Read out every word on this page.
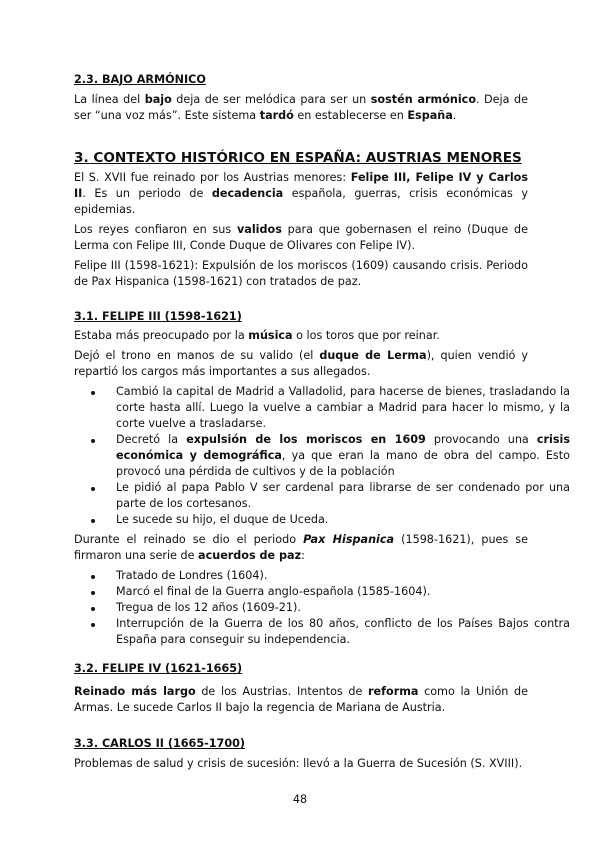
2.3. BAJO ARMÓNICO

La línea del bajo deja de ser melódica para ser un sostén armónico. Deja de ser “una voz más”. Este sistema tardó en establecerse en España.

3. CONTEXTO HISTÓRICO EN ESPAÑA: AUSTRIAS MENORES

El S. XVII fue reinado por los Austrias menores: Felipe III, Felipe IV y Carlos II. Es un periodo de decadencia española, guerras, crisis económicas y epidemias.

Los reyes confiaron en sus validos para que gobernasen el reino (Duque de Lerma con Felipe III, Conde Duque de Olivares con Felipe IV).

Felipe III (1598-1621): Expulsión de los moriscos (1609) causando crisis. Periodo de Pax Hispanica (1598-1621) con tratados de paz.

3.1. FELIPE III (1598-1621)

Estaba más preocupado por la música o los toros que por reinar.

Dejó el trono en manos de su valido (el duque de Lerma), quien vendió y repartió los cargos más importantes a sus allegados.

Cambió la capital de Madrid a Valladolid, para hacerse de bienes, trasladando la corte hasta allí. Luego la vuelve a cambiar a Madrid para hacer lo mismo, y la corte vuelve a trasladarse.
Decretó la expulsión de los moriscos en 1609 provocando una crisis económica y demográfica, ya que eran la mano de obra del campo. Esto provocó una pérdida de cultivos y de la población
Le pidió al papa Pablo V ser cardenal para librarse de ser condenado por una parte de los cortesanos.
Le sucede su hijo, el duque de Uceda.

Durante el reinado se dio el periodo Pax Hispanica (1598-1621), pues se firmaron una serie de acuerdos de paz:

Tratado de Londres (1604).
Marcó el final de la Guerra anglo-española (1585-1604).
Tregua de los 12 años (1609-21).
Interrupción de la Guerra de los 80 años, conflicto de los Países Bajos contra España para conseguir su independencia.
3.2. FELIPE IV (1621-1665)

Reinado más largo de los Austrias. Intentos de reforma como la Unión de Armas. Le sucede Carlos II bajo la regencia de Mariana de Austria.

3.3. CARLOS II (1665-1700)

Problemas de salud y crisis de sucesión: llevó a la Guerra de Sucesión (S. XVIII).

48
